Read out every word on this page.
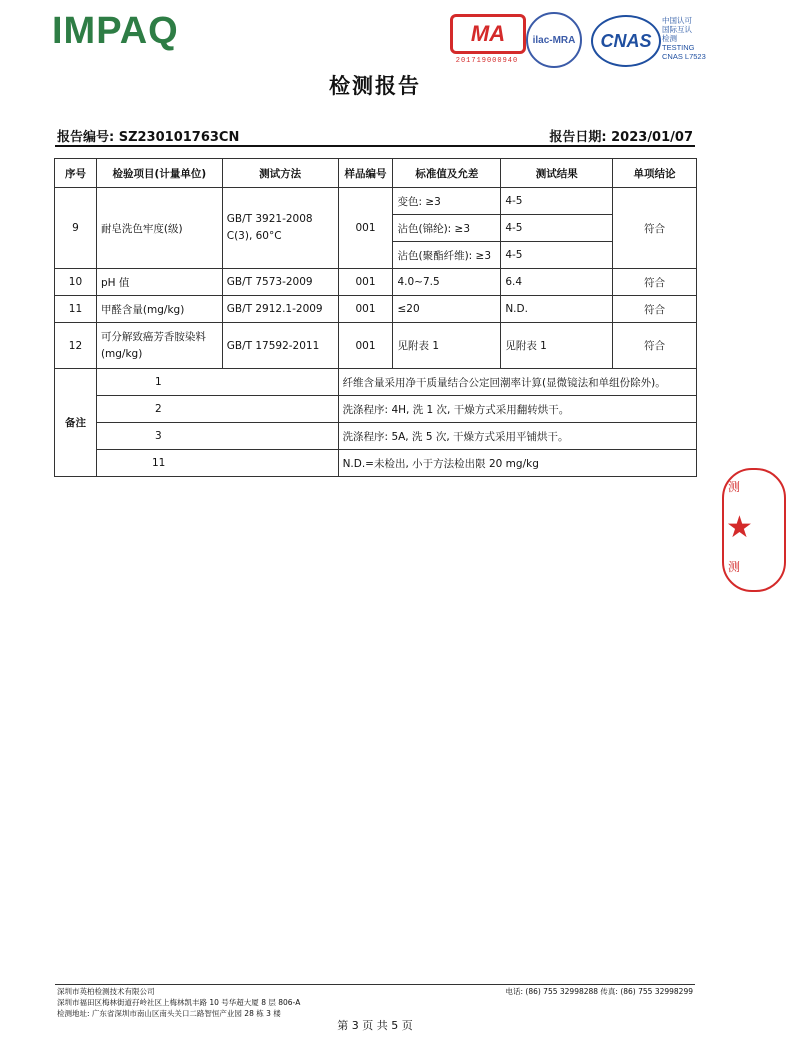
IMPAQ	MA
201719000940
ilac-MRA CNAS
中国认可
国际互认
检测
TESTING
CNAS L7523
检测报告
报告编号: SZ230101763CN	报告日期: 2023/01/07
序号	检验项目(计量单位)	测试方法	样品编号	标准值及允差	测试结果	单项结论
9	耐皂洗色牢度(级)	GB/T 3921-2008 C(3), 60°C	001	变色: ≥3	4-5	符合
				沾色(锦纶): ≥3	4-5	
				沾色(聚酯纤维): ≥3	4-5	
10	pH 值	GB/T 7573-2009	001	4.0~7.5	6.4	符合
11	甲醛含量(mg/kg)	GB/T 2912.1-2009	001	≤20	N.D.	符合
12	可分解致癌芳香胺染料(mg/kg)	GB/T 17592-2011	001	见附表 1	见附表 1	符合
备注	1		纤维含量采用净干质量结合公定回潮率计算(显微镜法和单组份除外)。			
	2		洗涤程序: 4H, 洗 1 次, 干燥方式采用翻转烘干。			
	3		洗涤程序: 5A, 洗 5 次, 干燥方式采用平铺烘干。			
	11		N.D.=未检出, 小于方法检出限 20 mg/kg			
测
★
测
深圳市英柏检测技术有限公司
深圳市福田区梅林街道孖岭社区上梅林凯丰路 10 号华超大厦 8 层 806-A
检测地址: 广东省深圳市南山区南头关口二路智恒产业园 28 栋 3 楼
电话: (86) 755 32998288 传真: (86) 755 32998299
第 3 页 共 5 页
